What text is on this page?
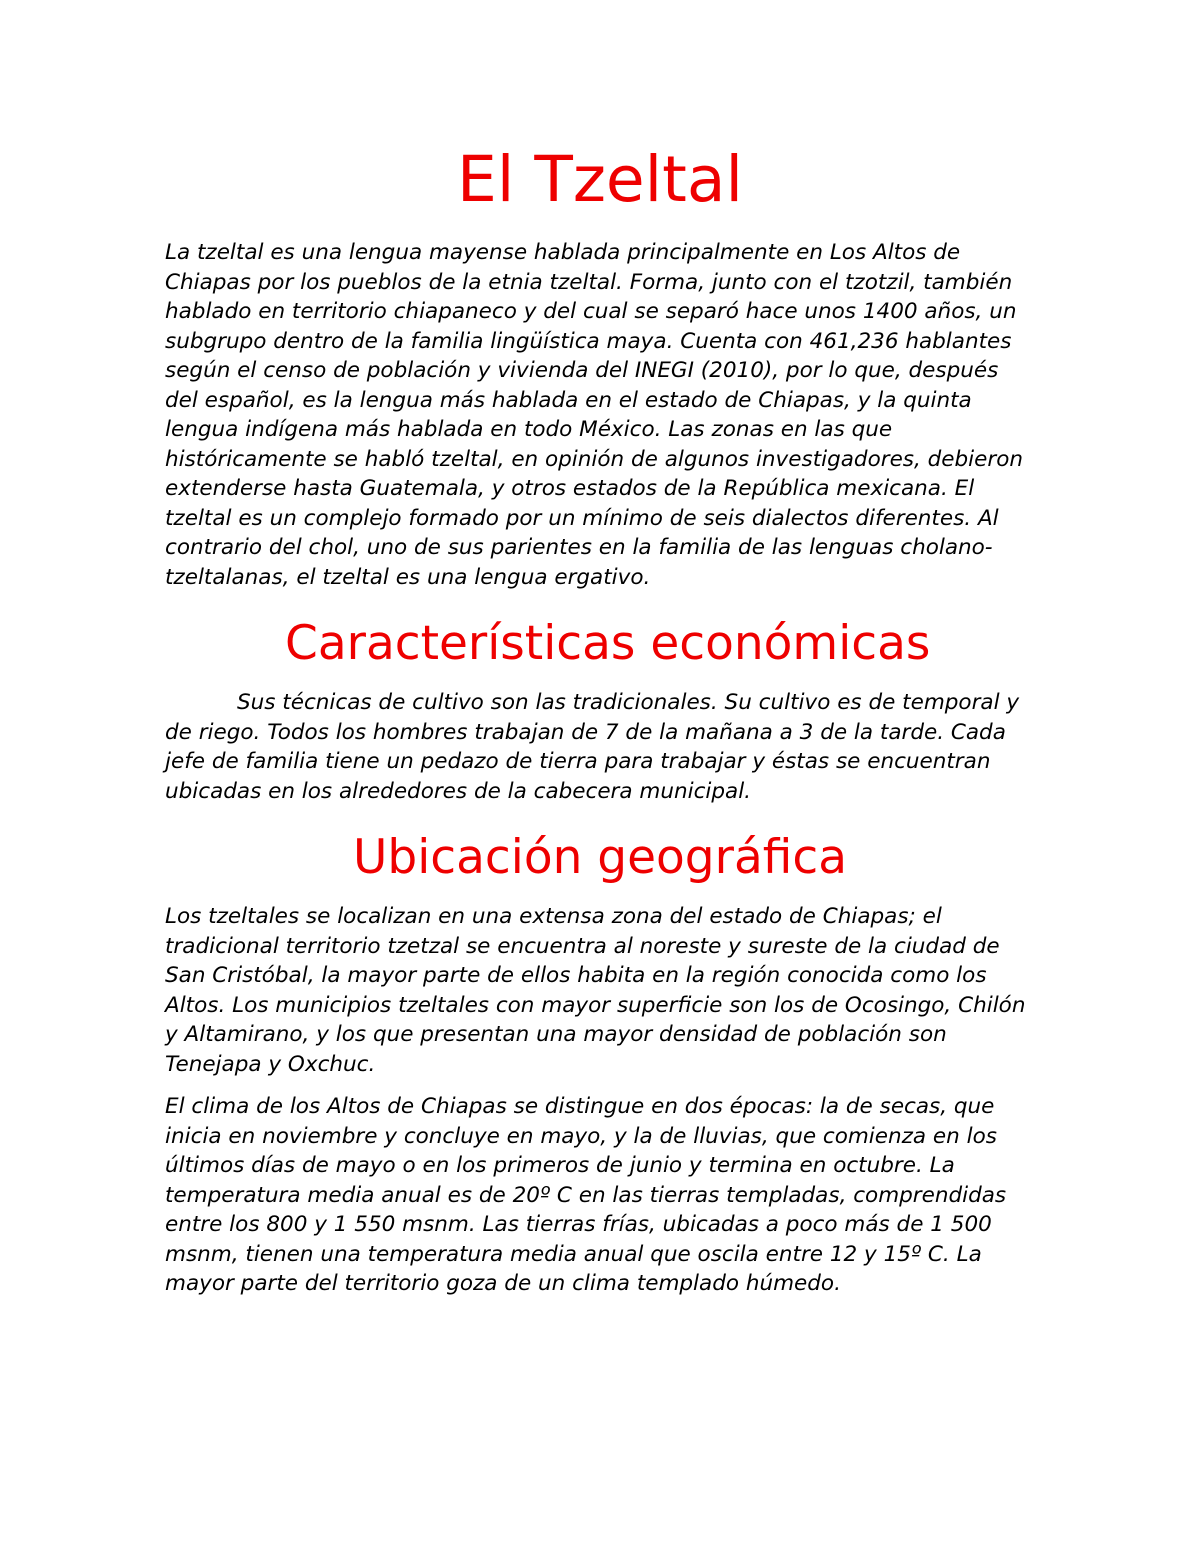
El Tzeltal

La tzeltal es una lengua mayense hablada principalmente en Los Altos de Chiapas por los pueblos de la etnia tzeltal. Forma, junto con el tzotzil, también hablado en territorio chiapaneco y del cual se separó hace unos 1400 años, un subgrupo dentro de la familia lingüística maya. Cuenta con 461,236 hablantes según el censo de población y vivienda del INEGI (2010), por lo que, después del español, es la lengua más hablada en el estado de Chiapas, y la quinta lengua indígena más hablada en todo México. Las zonas en las que históricamente se habló tzeltal, en opinión de algunos investigadores, debieron extenderse hasta Guatemala, y otros estados de la República mexicana. El tzeltal es un complejo formado por un mínimo de seis dialectos diferentes. Al contrario del chol, uno de sus parientes en la familia de las lenguas cholano-tzeltalanas, el tzeltal es una lengua ergativo.

Características económicas

Sus técnicas de cultivo son las tradicionales. Su cultivo es de temporal y de riego. Todos los hombres trabajan de 7 de la mañana a 3 de la tarde. Cada jefe de familia tiene un pedazo de tierra para trabajar y éstas se encuentran ubicadas en los alrededores de la cabecera municipal.

Ubicación geográfica

Los tzeltales se localizan en una extensa zona del estado de Chiapas; el tradicional territorio tzetzal se encuentra al noreste y sureste de la ciudad de San Cristóbal, la mayor parte de ellos habita en la región conocida como los Altos. Los municipios tzeltales con mayor superficie son los de Ocosingo, Chilón y Altamirano, y los que presentan una mayor densidad de población son Tenejapa y Oxchuc.

El clima de los Altos de Chiapas se distingue en dos épocas: la de secas, que inicia en noviembre y concluye en mayo, y la de lluvias, que comienza en los últimos días de mayo o en los primeros de junio y termina en octubre. La temperatura media anual es de 20º C en las tierras templadas, comprendidas entre los 800 y 1 550 msnm. Las tierras frías, ubicadas a poco más de 1 500 msnm, tienen una temperatura media anual que oscila entre 12 y 15º C. La mayor parte del territorio goza de un clima templado húmedo.
